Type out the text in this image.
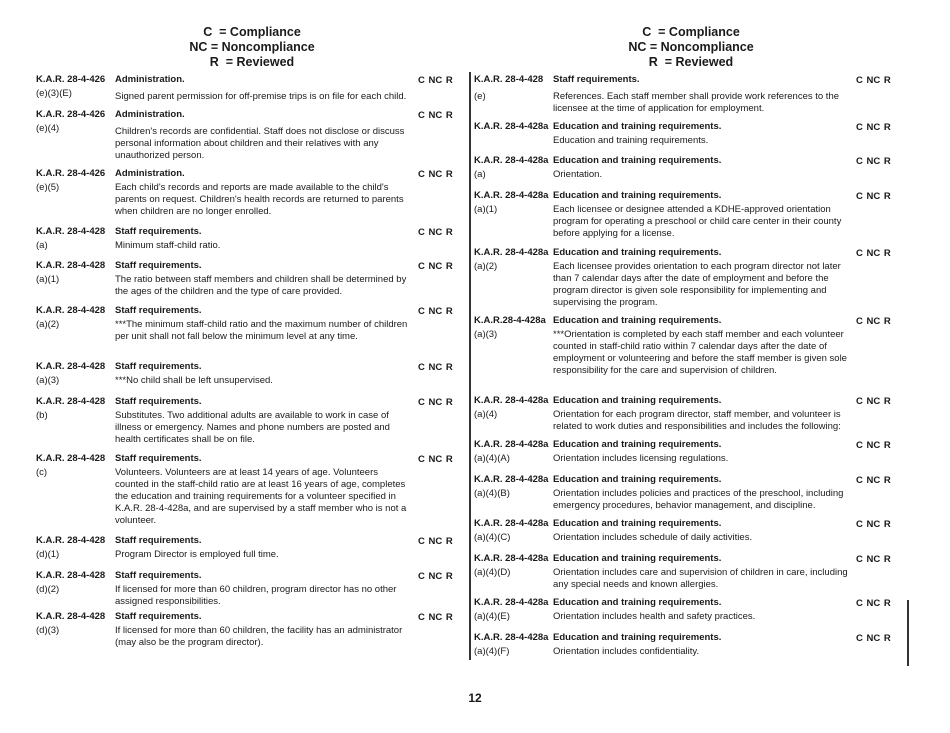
C  = Compliance
NC = Noncompliance
R  = Reviewed
C  = Compliance
NC = Noncompliance
R  = Reviewed
K.A.R. 28-4-426 Administration.	C NC R
(e)(3)(E)	Signed parent permission for off-premise trips is on file for each child.
K.A.R. 28-4-426 Administration.	C NC R
(e)(4)	Children's records are confidential. Staff does not disclose or discuss personal information about children and their relatives with any unauthorized person.
K.A.R. 28-4-426 Administration.	C NC R
(e)(5)	Each child's records and reports are made available to the child's parents on request. Children's health records are returned to parents when children are no longer enrolled.
K.A.R. 28-4-428 Staff requirements.	C NC R
(a)	Minimum staff-child ratio.
K.A.R. 28-4-428 Staff requirements.	C NC R
(a)(1)	The ratio between staff members and children shall be determined by the ages of the children and the type of care provided.
K.A.R. 28-4-428 Staff requirements.	C NC R
(a)(2)	***The minimum staff-child ratio and the maximum number of children per unit shall not fall below the minimum level at any time.
K.A.R. 28-4-428 Staff requirements.	C NC R
(a)(3)	***No child shall be left unsupervised.
K.A.R. 28-4-428 Staff requirements.	C NC R
(b)	Substitutes. Two additional adults are available to work in case of illness or emergency. Names and phone numbers are posted and health certificates shall be on file.
K.A.R. 28-4-428 Staff requirements.	C NC R
(c)	Volunteers. Volunteers are at least 14 years of age. Volunteers counted in the staff-child ratio are at least 16 years of age, completes the education and training requirements for a volunteer specified in K.A.R. 28-4-428a, and are supervised by a staff member who is not a volunteer.
K.A.R. 28-4-428 Staff requirements.	C NC R
(d)(1)	Program Director is employed full time.
K.A.R. 28-4-428 Staff requirements.	C NC R
(d)(2)	If licensed for more than 60 children, program director has no other assigned responsibilities.
K.A.R. 28-4-428 Staff requirements.	C NC R
(d)(3)	If licensed for more than 60 children, the facility has an administrator (may also be the program director).
K.A.R. 28-4-428 Staff requirements.	C NC R
(e)	References. Each staff member shall provide work references to the licensee at the time of application for employment.
K.A.R. 28-4-428a Education and training requirements.	C NC R
Education and training requirements.
K.A.R. 28-4-428a Education and training requirements.	C NC R
(a)	Orientation.
K.A.R. 28-4-428a Education and training requirements.	C NC R
(a)(1)	Each licensee or designee attended a KDHE-approved orientation program for operating a preschool or child care center in their county before applying for a license.
K.A.R. 28-4-428a Education and training requirements.	C NC R
(a)(2)	Each licensee provides orientation to each program director not later than 7 calendar days after the date of employment and before the program director is given sole responsibility for implementing and supervising the program.
K.A.R.28-4-428a Education and training requirements.	C NC R
(a)(3)	***Orientation is completed by each staff member and each volunteer counted in staff-child ratio within 7 calendar days after the date of employment or volunteering and before the staff member is given sole responsibility for the care and supervision of children.
K.A.R. 28-4-428a Education and training requirements.	C NC R
(a)(4)	Orientation for each program director, staff member, and volunteer is related to work duties and responsibilities and includes the following:
K.A.R. 28-4-428a Education and training requirements.	C NC R
(a)(4)(A)	Orientation includes licensing regulations.
K.A.R. 28-4-428a Education and training requirements.	C NC R
(a)(4)(B)	Orientation includes policies and practices of the preschool, including emergency procedures, behavior management, and discipline.
K.A.R. 28-4-428a Education and training requirements.	C NC R
(a)(4)(C)	Orientation includes schedule of daily activities.
K.A.R. 28-4-428a Education and training requirements.	C NC R
(a)(4)(D)	Orientation includes care and supervision of children in care, including any special needs and known allergies.
K.A.R. 28-4-428a Education and training requirements.	C NC R
(a)(4)(E)	Orientation includes health and safety practices.
K.A.R. 28-4-428a Education and training requirements.	C NC R
(a)(4)(F)	Orientation includes confidentiality.
12
